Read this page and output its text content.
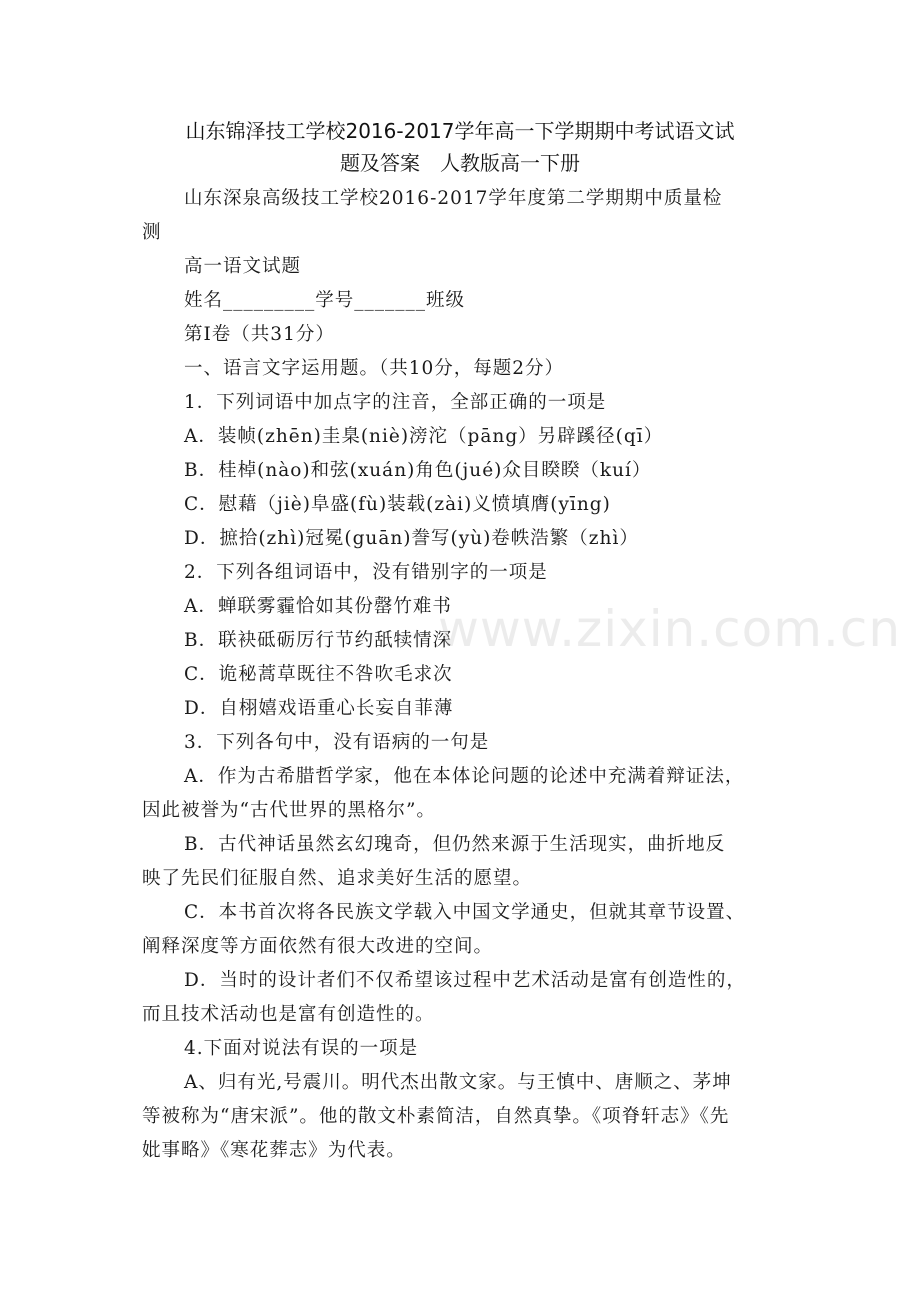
山东锦泽技工学校2016-2017学年高一下学期期中考试语文试
题及答案　人教版高一下册
山东深泉高级技工学校2016-2017学年度第二学期期中质量检
测
高一语文试题
姓名_________学号_______班级
第Ⅰ卷（共31分）
一、语言文字运用题。（共10分，每题2分）
1．下列词语中加点字的注音，全部正确的一项是
A．装帧(zhēn)圭臬(niè)滂沱（pāng）另辟蹊径(qī）
B．桂棹(nào)和弦(xuán)角色(jué)众目睽睽（kuí）
C．慰藉（jiè)阜盛(fù)装载(zài)义愤填膺(yīng)
D．摭拾(zhì)冠冕(guān)誊写(yù)卷帙浩繁（zhì）
2．下列各组词语中，没有错别字的一项是
A．蝉联雾霾恰如其份罄竹难书
B．联袂砥砺厉行节约舐犊情深
C．诡秘蒿草既往不咎吹毛求次
D．自栩嬉戏语重心长妄自菲薄
3．下列各句中，没有语病的一句是
A．作为古希腊哲学家，他在本体论问题的论述中充满着辩证法，
因此被誉为“古代世界的黑格尔”。
B．古代神话虽然玄幻瑰奇，但仍然来源于生活现实，曲折地反
映了先民们征服自然、追求美好生活的愿望。
C．本书首次将各民族文学载入中国文学通史，但就其章节设置、
阐释深度等方面依然有很大改进的空间。
D．当时的设计者们不仅希望该过程中艺术活动是富有创造性的，
而且技术活动也是富有创造性的。
4.下面对说法有误的一项是
A、归有光,号震川。明代杰出散文家。与王慎中、唐顺之、茅坤
等被称为“唐宋派”。他的散文朴素简洁，自然真挚。《项脊轩志》《先
妣事略》《寒花葬志》为代表。
www.zixin.com.cn
